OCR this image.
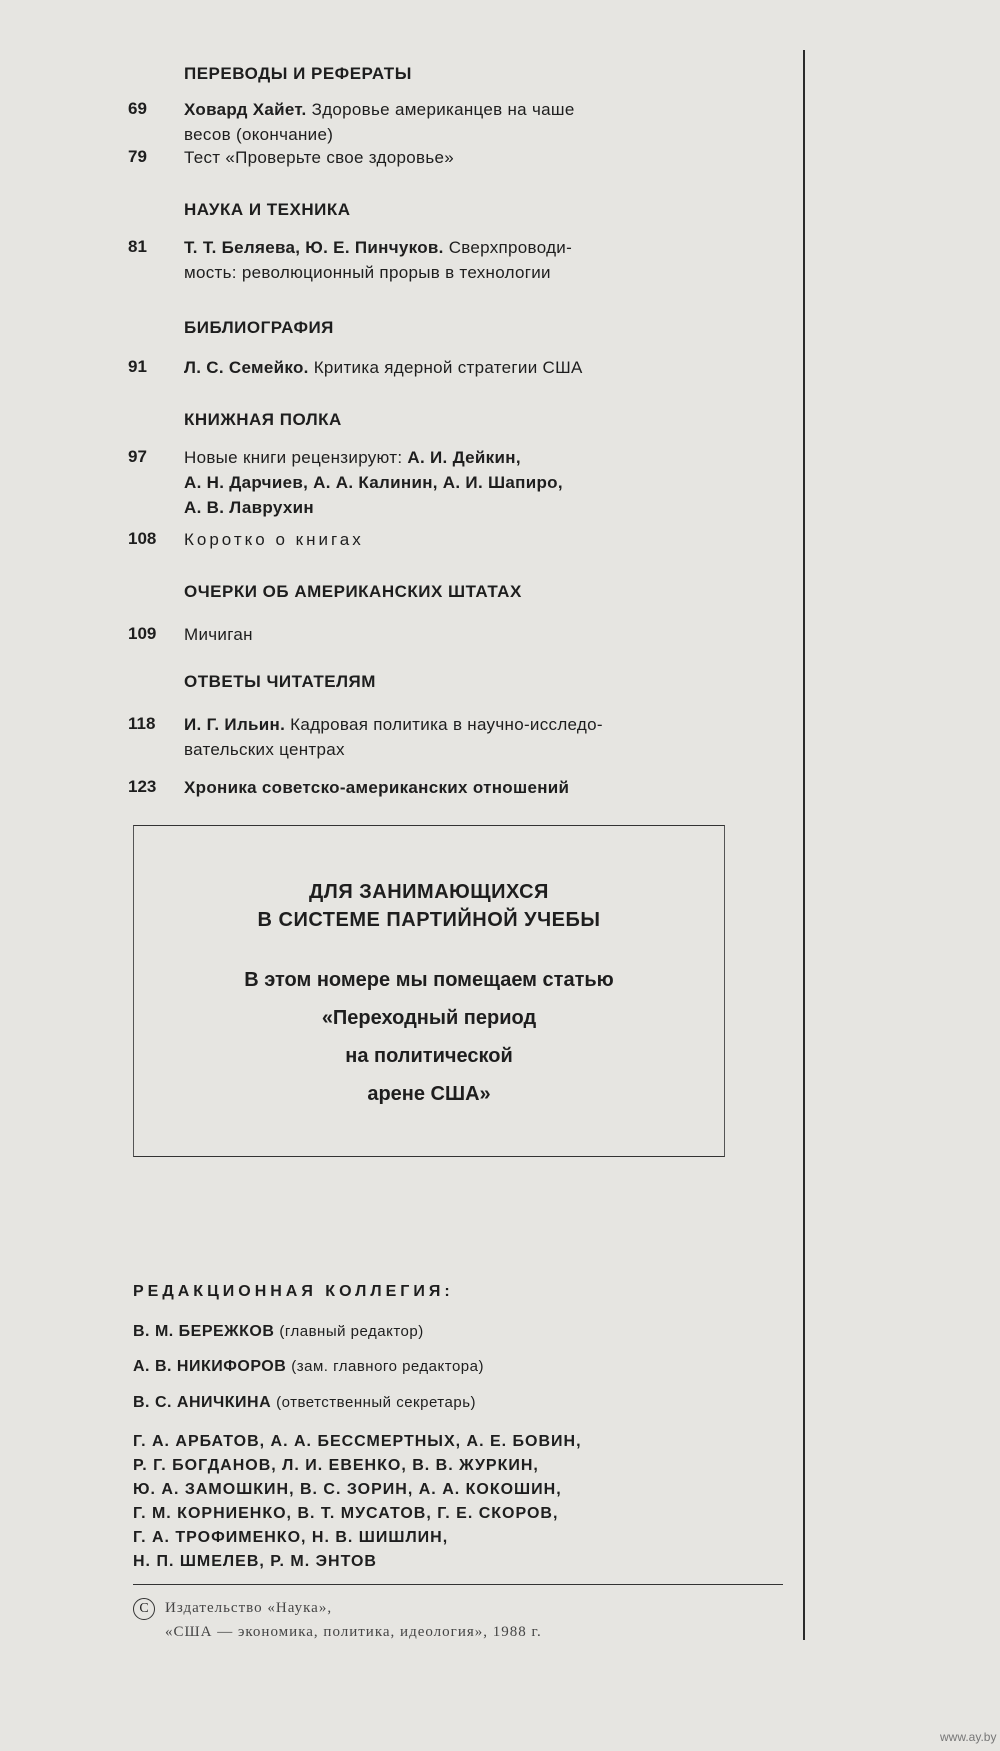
ПЕРЕВОДЫ И РЕФЕРАТЫ
69	Ховард Хайет. Здоровье американцев на чаше
весов (окончание)
79	Тест «Проверьте свое здоровье»
НАУКА И ТЕХНИКА
81	Т. Т. Беляева, Ю. Е. Пинчуков. Сверхпроводи-
мость: революционный прорыв в технологии
БИБЛИОГРАФИЯ
91	Л. С. Семейко. Критика ядерной стратегии США
КНИЖНАЯ ПОЛКА
97	Новые книги рецензируют: А. И. Дейкин,
А. Н. Дарчиев, А. А. Калинин, А. И. Шапиро,
А. В. Лаврухин
108	Коротко о книгах
ОЧЕРКИ ОБ АМЕРИКАНСКИХ ШТАТАХ
109	Мичиган
ОТВЕТЫ ЧИТАТЕЛЯМ
118	И. Г. Ильин. Кадровая политика в научно-исследо-
вательских центрах
123	Хроника советско-американских отношений
ДЛЯ ЗАНИМАЮЩИХСЯ
В СИСТЕМЕ ПАРТИЙНОЙ УЧЕБЫ
В этом номере мы помещаем статью
«Переходный период
на политической
арене США»
РЕДАКЦИОННАЯ КОЛЛЕГИЯ:
В. М. БЕРЕЖКОВ (главный редактор)
А. В. НИКИФОРОВ (зам. главного редактора)
В. С. АНИЧКИНА (ответственный секретарь)
Г. А. АРБАТОВ, А. А. БЕССМЕРТНЫХ, А. Е. БОВИН,
Р. Г. БОГДАНОВ, Л. И. ЕВЕНКО, В. В. ЖУРКИН,
Ю. А. ЗАМОШКИН, В. С. ЗОРИН, А. А. КОКОШИН,
Г. М. КОРНИЕНКО, В. Т. МУСАТОВ, Г. Е. СКОРОВ,
Г. А. ТРОФИМЕНКО, Н. В. ШИШЛИН,
Н. П. ШМЕЛЕВ, Р. М. ЭНТОВ
C	Издательство «Наука»,
«США — экономика, политика, идеология», 1988 г.
www.ay.by
